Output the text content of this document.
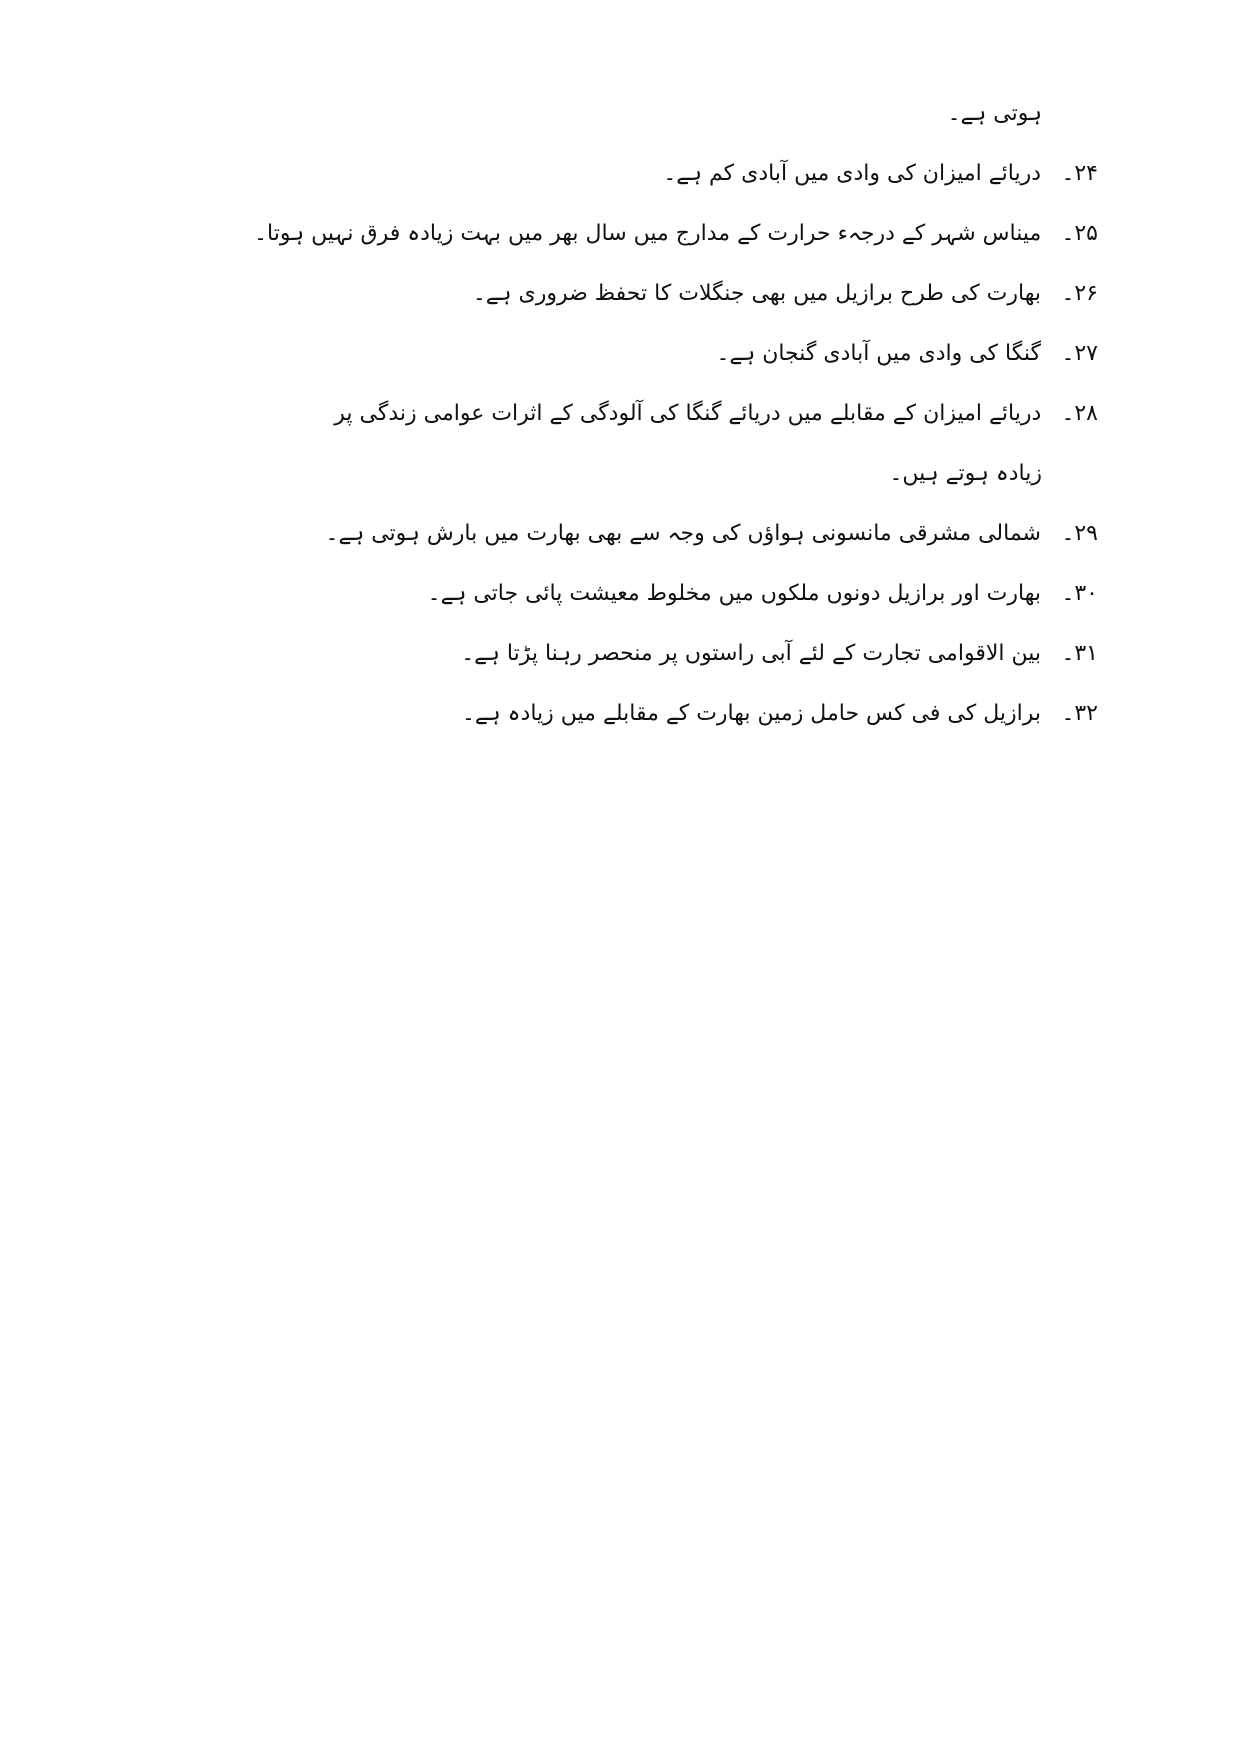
ہوتی ہے۔
۲۴۔ دریائے امیزان کی وادی میں آبادی کم ہے۔
۲۵۔ میناس شہر کے درجہء حرارت کے مدارج میں سال بھر میں بہت زیادہ فرق نہیں ہوتا۔
۲۶۔ بھارت کی طرح برازیل میں بھی جنگلات کا تحفظ ضروری ہے۔
۲۷۔ گنگا کی وادی میں آبادی گنجان ہے۔
۲۸۔ دریائے امیزان کے مقابلے میں دریائے گنگا کی آلودگی کے اثرات عوامی زندگی پر
زیادہ ہوتے ہیں۔
۲۹۔ شمالی مشرقی مانسونی ہواؤں کی وجہ سے بھی بھارت میں بارش ہوتی ہے۔
۳۰۔ بھارت اور برازیل دونوں ملکوں میں مخلوط معیشت پائی جاتی ہے۔
۳۱۔ بین الاقوامی تجارت کے لئے آبی راستوں پر منحصر رہنا پڑتا ہے۔
۳۲۔ برازیل کی فی کس حامل زمین بھارت کے مقابلے میں زیادہ ہے۔
